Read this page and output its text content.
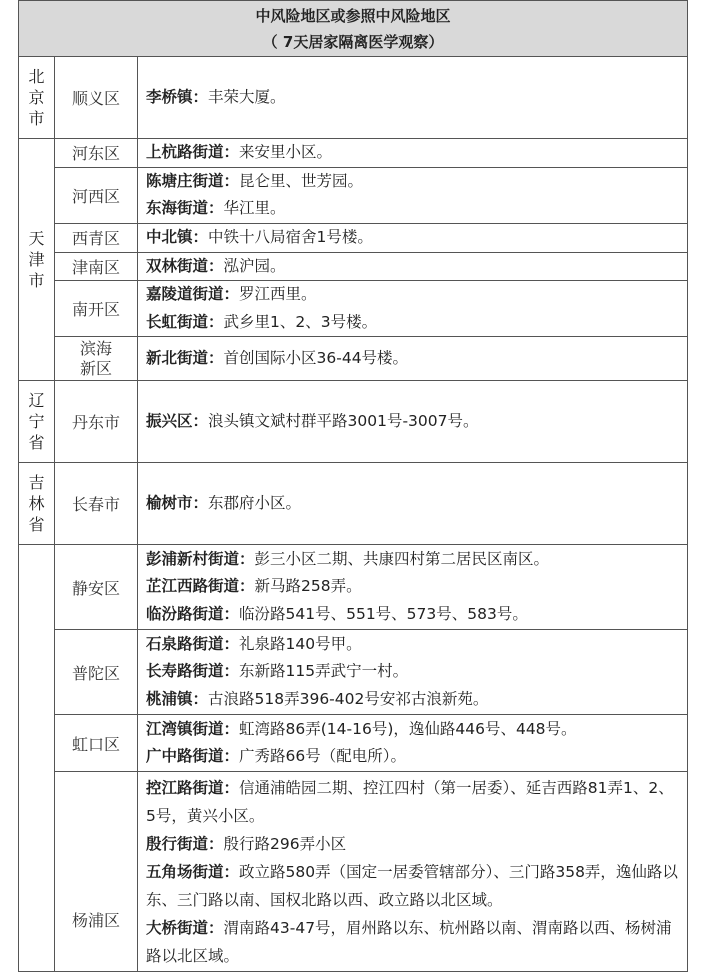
中风险地区或参照中风险地区
（ 7天居家隔离医学观察）		

北
京
市	顺义区	李桥镇：丰荣大厦。

天
津
市	河东区	上杭路街道：来安里小区。

	河西区	陈塘庄街道：昆仑里、世芳园。
东海街道：华江里。

	西青区	中北镇：中铁十八局宿舍1号楼。

	津南区	双林街道：泓沪园。

	南开区	嘉陵道街道：罗江西里。
长虹街道：武乡里1、2、3号楼。

	滨海
新区	新北街道：首创国际小区36-44号楼。

辽
宁
省	丹东市	振兴区：浪头镇文斌村群平路3001号-3007号。

吉
林
省	长春市	榆树市：东郡府小区。

	静安区	彭浦新村街道：彭三小区二期、共康四村第二居民区南区。
芷江西路街道：新马路258弄。
临汾路街道：临汾路541号、551号、573号、583号。

	普陀区	石泉路街道：礼泉路140号甲。
长寿路街道：东新路115弄武宁一村。
桃浦镇：古浪路518弄396-402号安祁古浪新苑。

	虹口区	江湾镇街道：虹湾路86弄(14-16号)，逸仙路446号、448号。
广中路街道：广秀路66号（配电所）。

	杨浦区	控江路街道：信通浦皓园二期、控江四村（第一居委）、延吉西路81弄1、2、5号，黄兴小区。
殷行街道：殷行路296弄小区
五角场街道：政立路580弄（国定一居委管辖部分）、三门路358弄，逸仙路以东、三门路以南、国权北路以西、政立路以北区域。
大桥街道：渭南路43-47号，眉州路以东、杭州路以南、渭南路以西、杨树浦路以北区域。
